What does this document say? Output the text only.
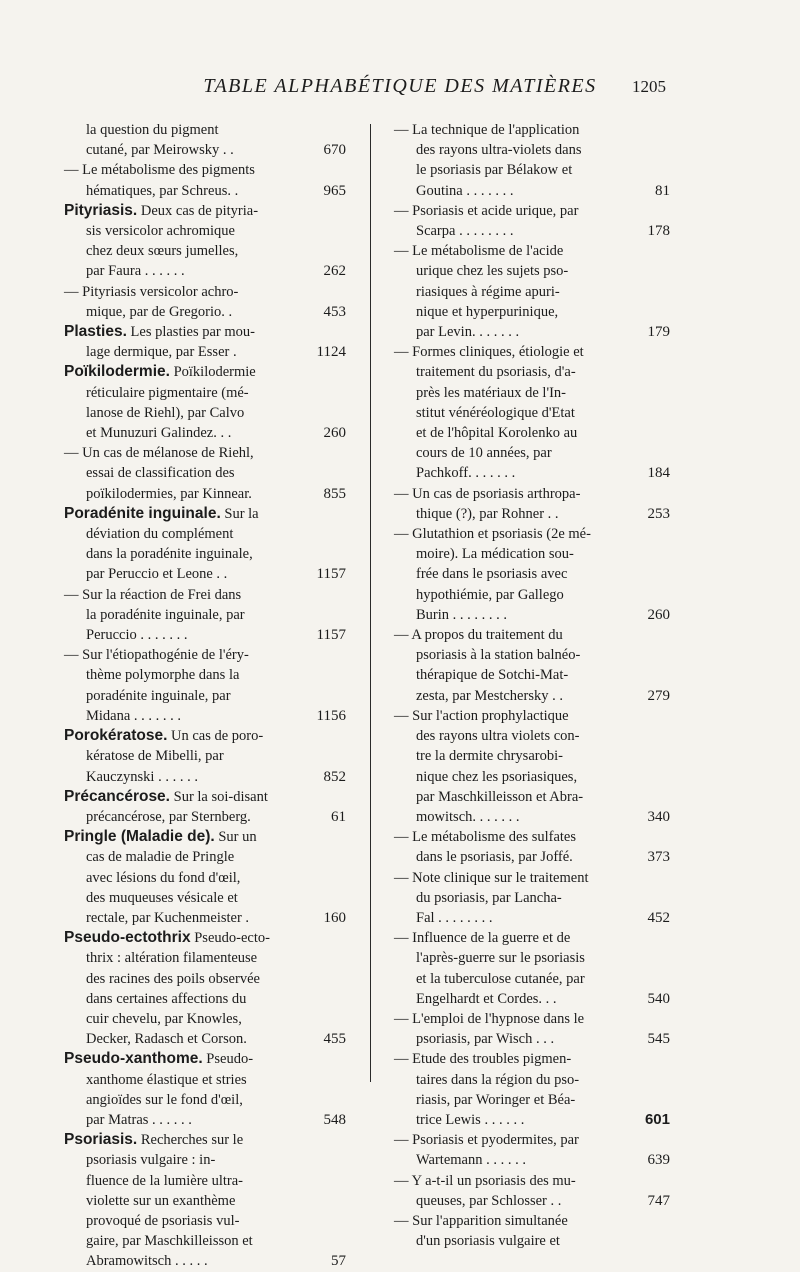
TABLE ALPHABÉTIQUE DES MATIÈRES	1205
la question du pigment
cutané, par Meirowsky . .	670
— Le métabolisme des pigments
hématiques, par Schreus. .	965
Pityriasis. Deux cas de pityria-
sis versicolor achromique
chez deux sœurs jumelles,
par Faura . . . . . .	262
— Pityriasis versicolor achro-
mique, par de Gregorio. .	453
Plasties. Les plasties par mou-
lage dermique, par Esser .	1124
Poïkilodermie. Poïkilodermie
réticulaire pigmentaire (mé-
lanose de Riehl), par Calvo
et Munuzuri Galindez. . .	260
— Un cas de mélanose de Riehl,
essai de classification des
poïkilodermies, par Kinnear.	855
Poradénite inguinale. Sur la
déviation du complément
dans la poradénite inguinale,
par Peruccio et Leone . .	1157
— Sur la réaction de Frei dans
la poradénite inguinale, par
Peruccio . . . . . . .	1157
— Sur l'étiopathogénie de l'éry-
thème polymorphe dans la
poradénite inguinale, par
Midana . . . . . . .	1156
Porokératose. Un cas de poro-
kératose de Mibelli, par
Kauczynski . . . . . .	852
Précancérose. Sur la soi-disant
précancérose, par Sternberg.	61
Pringle (Maladie de). Sur un
cas de maladie de Pringle
avec lésions du fond d'œil,
des muqueuses vésicale et
rectale, par Kuchenmeister .	160
Pseudo-ectothrix Pseudo-ecto-
thrix : altération filamenteuse
des racines des poils observée
dans certaines affections du
cuir chevelu, par Knowles,
Decker, Radasch et Corson.	455
Pseudo-xanthome. Pseudo-
xanthome élastique et stries
angioïdes sur le fond d'œil,
par Matras . . . . . .	548
Psoriasis. Recherches sur le
psoriasis vulgaire : in-
fluence de la lumière ultra-
violette sur un exanthème
provoqué de psoriasis vul-
gaire, par Maschkilleisson et
Abramowitsch . . . . .	57
— La technique de l'application
des rayons ultra-violets dans
le psoriasis par Bélakow et
Goutina . . . . . . .	81
— Psoriasis et acide urique, par
Scarpa . . . . . . . .	178
— Le métabolisme de l'acide
urique chez les sujets pso-
riasiques à régime apuri-
nique et hyperpurinique,
par Levin. . . . . . .	179
— Formes cliniques, étiologie et
traitement du psoriasis, d'a-
près les matériaux de l'In-
stitut vénéréologique d'Etat
et de l'hôpital Korolenko au
cours de 10 années, par
Pachkoff. . . . . . .	184
— Un cas de psoriasis arthropa-
thique (?), par Rohner . .	253
— Glutathion et psoriasis (2e mé-
moire). La médication sou-
frée dans le psoriasis avec
hypothiémie, par Gallego
Burin . . . . . . . .	260
— A propos du traitement du
psoriasis à la station balnéo-
thérapique de Sotchi-Mat-
zesta, par Mestchersky . .	279
— Sur l'action prophylactique
des rayons ultra violets con-
tre la dermite chrysarobi-
nique chez les psoriasiques,
par Maschkilleisson et Abra-
mowitsch. . . . . . .	340
— Le métabolisme des sulfates
dans le psoriasis, par Joffé.	373
— Note clinique sur le traitement
du psoriasis, par Lancha-
Fal . . . . . . . .	452
— Influence de la guerre et de
l'après-guerre sur le psoriasis
et la tuberculose cutanée, par
Engelhardt et Cordes. . .	540
— L'emploi de l'hypnose dans le
psoriasis, par Wisch . . .	545
— Etude des troubles pigmen-
taires dans la région du pso-
riasis, par Woringer et Béa-
trice Lewis . . . . . .	601
— Psoriasis et pyodermites, par
Wartemann . . . . . .	639
— Y a-t-il un psoriasis des mu-
queuses, par Schlosser . .	747
— Sur l'apparition simultanée
d'un psoriasis vulgaire et
